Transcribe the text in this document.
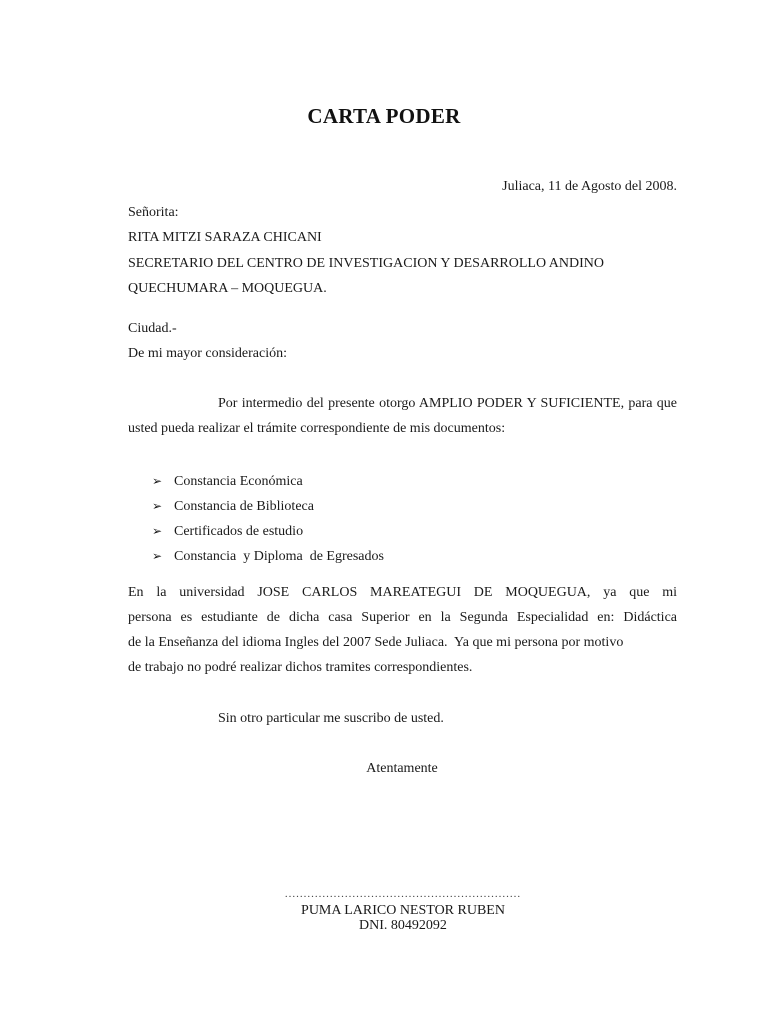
CARTA PODER
Juliaca, 11 de Agosto del 2008.
Señorita:
RITA MITZI SARAZA CHICANI
SECRETARIO DEL CENTRO DE INVESTIGACION Y DESARROLLO ANDINO
QUECHUMARA – MOQUEGUA.
Ciudad.-
De mi mayor consideración:
Por intermedio del presente otorgo AMPLIO PODER Y SUFICIENTE, para que usted pueda realizar el trámite correspondiente de mis documentos:
➢ Constancia Económica
➢ Constancia de Biblioteca
➢ Certificados de estudio
➢ Constancia  y Diploma  de Egresados
En la universidad JOSE CARLOS MAREATEGUI DE MOQUEGUA, ya que mi
persona es estudiante de dicha casa Superior en la Segunda Especialidad en: Didáctica
de la Enseñanza del idioma Ingles del 2007 Sede Juliaca.  Ya que mi persona por motivo
de trabajo no podré realizar dichos tramites correspondientes.
Sin otro particular me suscribo de usted.
Atentamente
...............................................................
PUMA LARICO NESTOR RUBEN
DNI. 80492092
